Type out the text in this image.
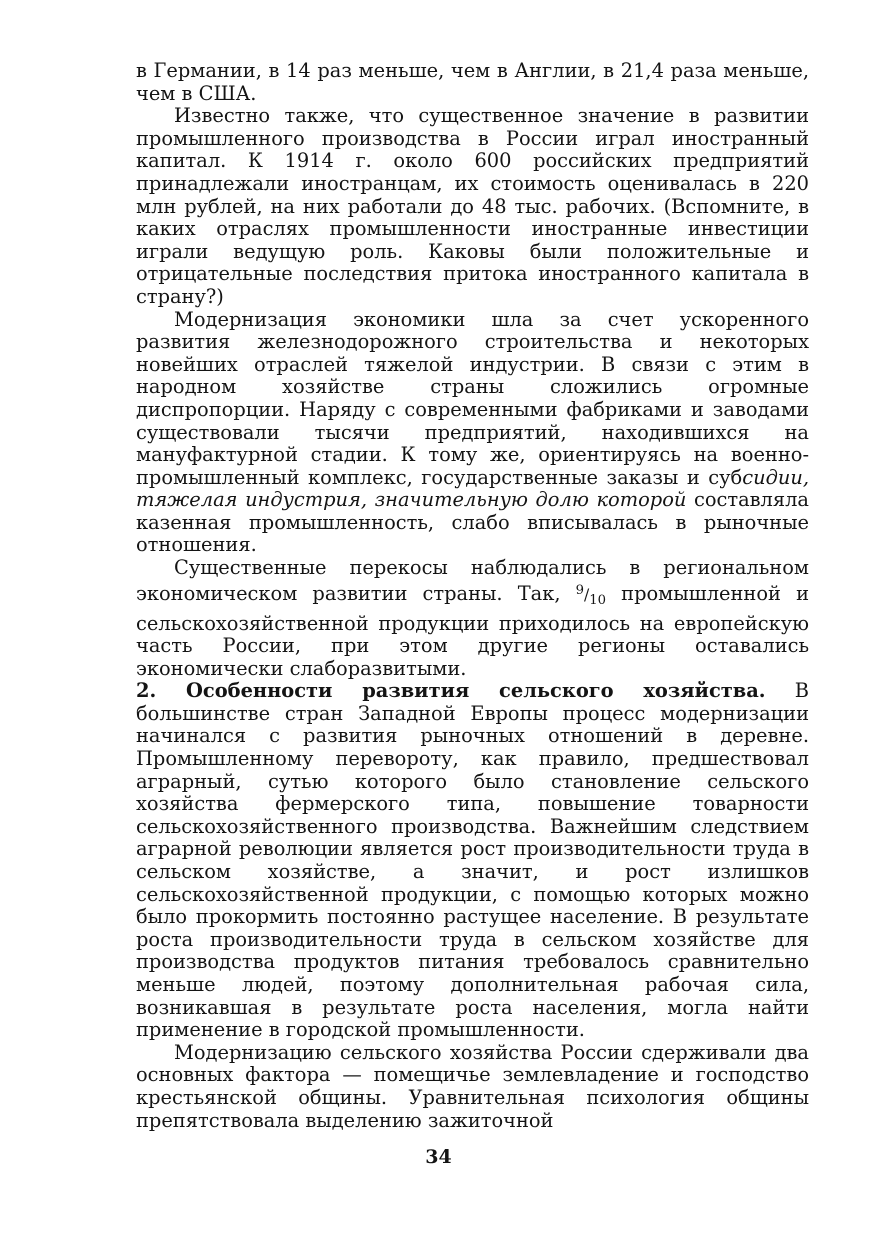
в Германии, в 14 раз меньше, чем в Англии, в 21,4 раза меньше, чем в США.

Известно также, что существенное значение в развитии промышленного производства в России играл иностранный капитал. К 1914 г. около 600 российских предприятий принадлежали иностранцам, их стоимость оценивалась в 220 млн рублей, на них работали до 48 тыс. рабочих. (Вспомните, в каких отраслях промышленности иностранные инвестиции играли ведущую роль. Каковы были положительные и отрицательные последствия притока иностранного капитала в страну?)

Модернизация экономики шла за счет ускоренного развития железнодорожного строительства и некоторых новейших отраслей тяжелой индустрии. В связи с этим в народном хозяйстве страны сложились огромные диспропорции. Наряду с современными фабриками и заводами существовали тысячи предприятий, находившихся на мануфактурной стадии. К тому же, ориентируясь на военно-промышленный комплекс, государственные заказы и субсидии, тяжелая индустрия, значительную долю которой составляла казенная промышленность, слабо вписывалась в рыночные отношения.

Существенные перекосы наблюдались в региональном экономическом развитии страны. Так, $^9/_{10}$ промышленной и сельскохозяйственной продукции приходилось на европейскую часть России, при этом другие регионы оставались экономически слаборазвитыми.

2. Особенности развития сельского хозяйства. В большинстве стран Западной Европы процесс модернизации начинался с развития рыночных отношений в деревне. Промышленному перевороту, как правило, предшествовал аграрный, сутью которого было становление сельского хозяйства фермерского типа, повышение товарности сельскохозяйственного производства. Важнейшим следствием аграрной революции является рост производительности труда в сельском хозяйстве, а значит, и рост излишков сельскохозяйственной продукции, с помощью которых можно было прокормить постоянно растущее население. В результате роста производительности труда в сельском хозяйстве для производства продуктов питания требовалось сравнительно меньше людей, поэтому дополнительная рабочая сила, возникавшая в результате роста населения, могла найти применение в городской промышленности.

Модернизацию сельского хозяйства России сдерживали два основных фактора — помещичье землевладение и господство крестьянской общины. Уравнительная психология общины препятствовала выделению зажиточной

34
